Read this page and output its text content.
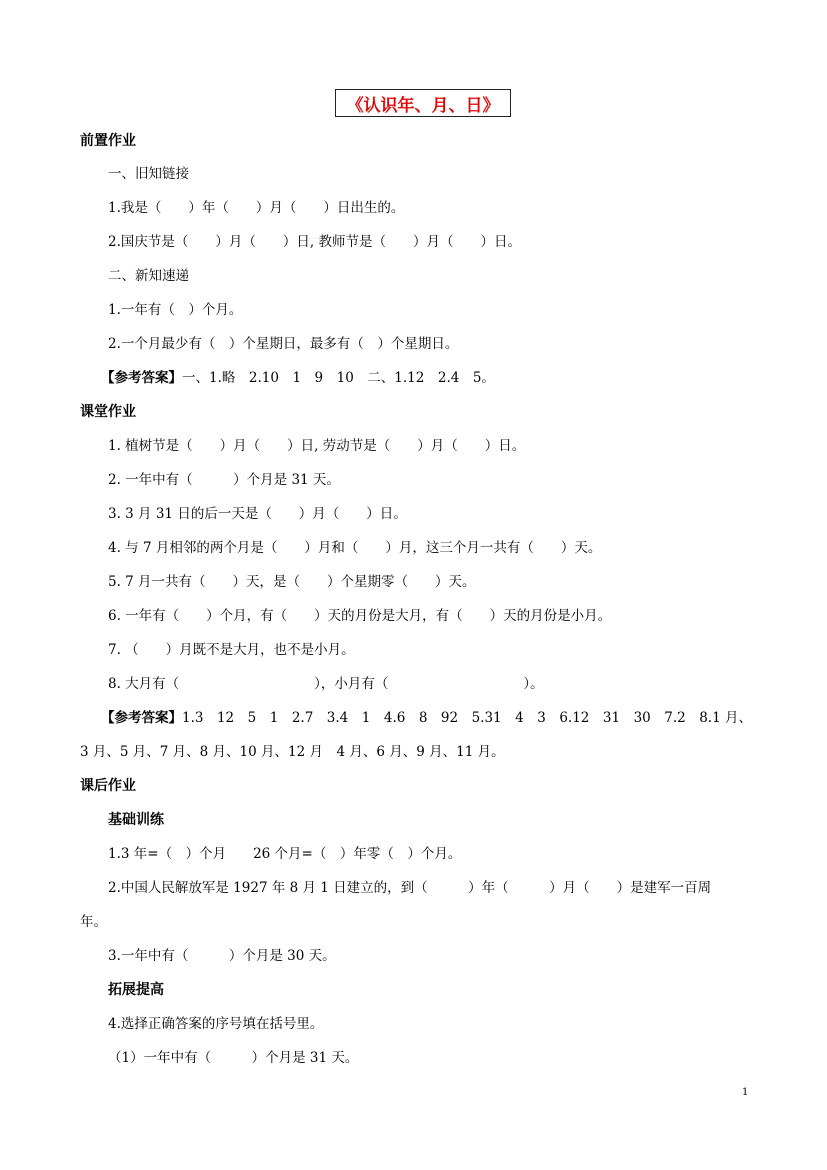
《认识年、月、日》
前置作业
一、旧知链接
1.我是（　　）年（　　）月（　　）日出生的。
2.国庆节是（　　）月（　　）日, 教师节是（　　）月（　　）日。
二、新知速递
1.一年有（　）个月。
2.一个月最少有（　）个星期日，最多有（　）个星期日。
【参考答案】一、1.略　2.10　1　9　10　二、1.12　2.4　5。
课堂作业
1. 植树节是（　　）月（　　）日, 劳动节是（　　）月（　　）日。
2. 一年中有（　　　）个月是 31 天。
3. 3 月 31 日的后一天是（　　）月（　　）日。
4. 与 7 月相邻的两个月是（　　）月和（　　）月，这三个月一共有（　　）天。
5. 7 月一共有（　　）天，是（　　）个星期零（　　）天。
6. 一年有（　　）个月，有（　　）天的月份是大月，有（　　）天的月份是小月。
7. （　　）月既不是大月，也不是小月。
8. 大月有（　　　　　　　　　　），小月有（　　　　　　　　　　）。
【参考答案】1.3　12　5　1　2.7　3.4　1　4.6　8　92　5.31　4　3　6.12　31　30　7.2　8.1 月、
3 月、5 月、7 月、8 月、10 月、12 月　4 月、6 月、9 月、11 月。
课后作业
基础训练
1.3 年=（　）个月　　26 个月=（　）年零（　）个月。
2.中国人民解放军是 1927 年 8 月 1 日建立的，到（　　　）年（　　　）月（　　）是建军一百周
年。
3.一年中有（　　　）个月是 30 天。
拓展提高
4.选择正确答案的序号填在括号里。
（1）一年中有（　　　）个月是 31 天。
1
